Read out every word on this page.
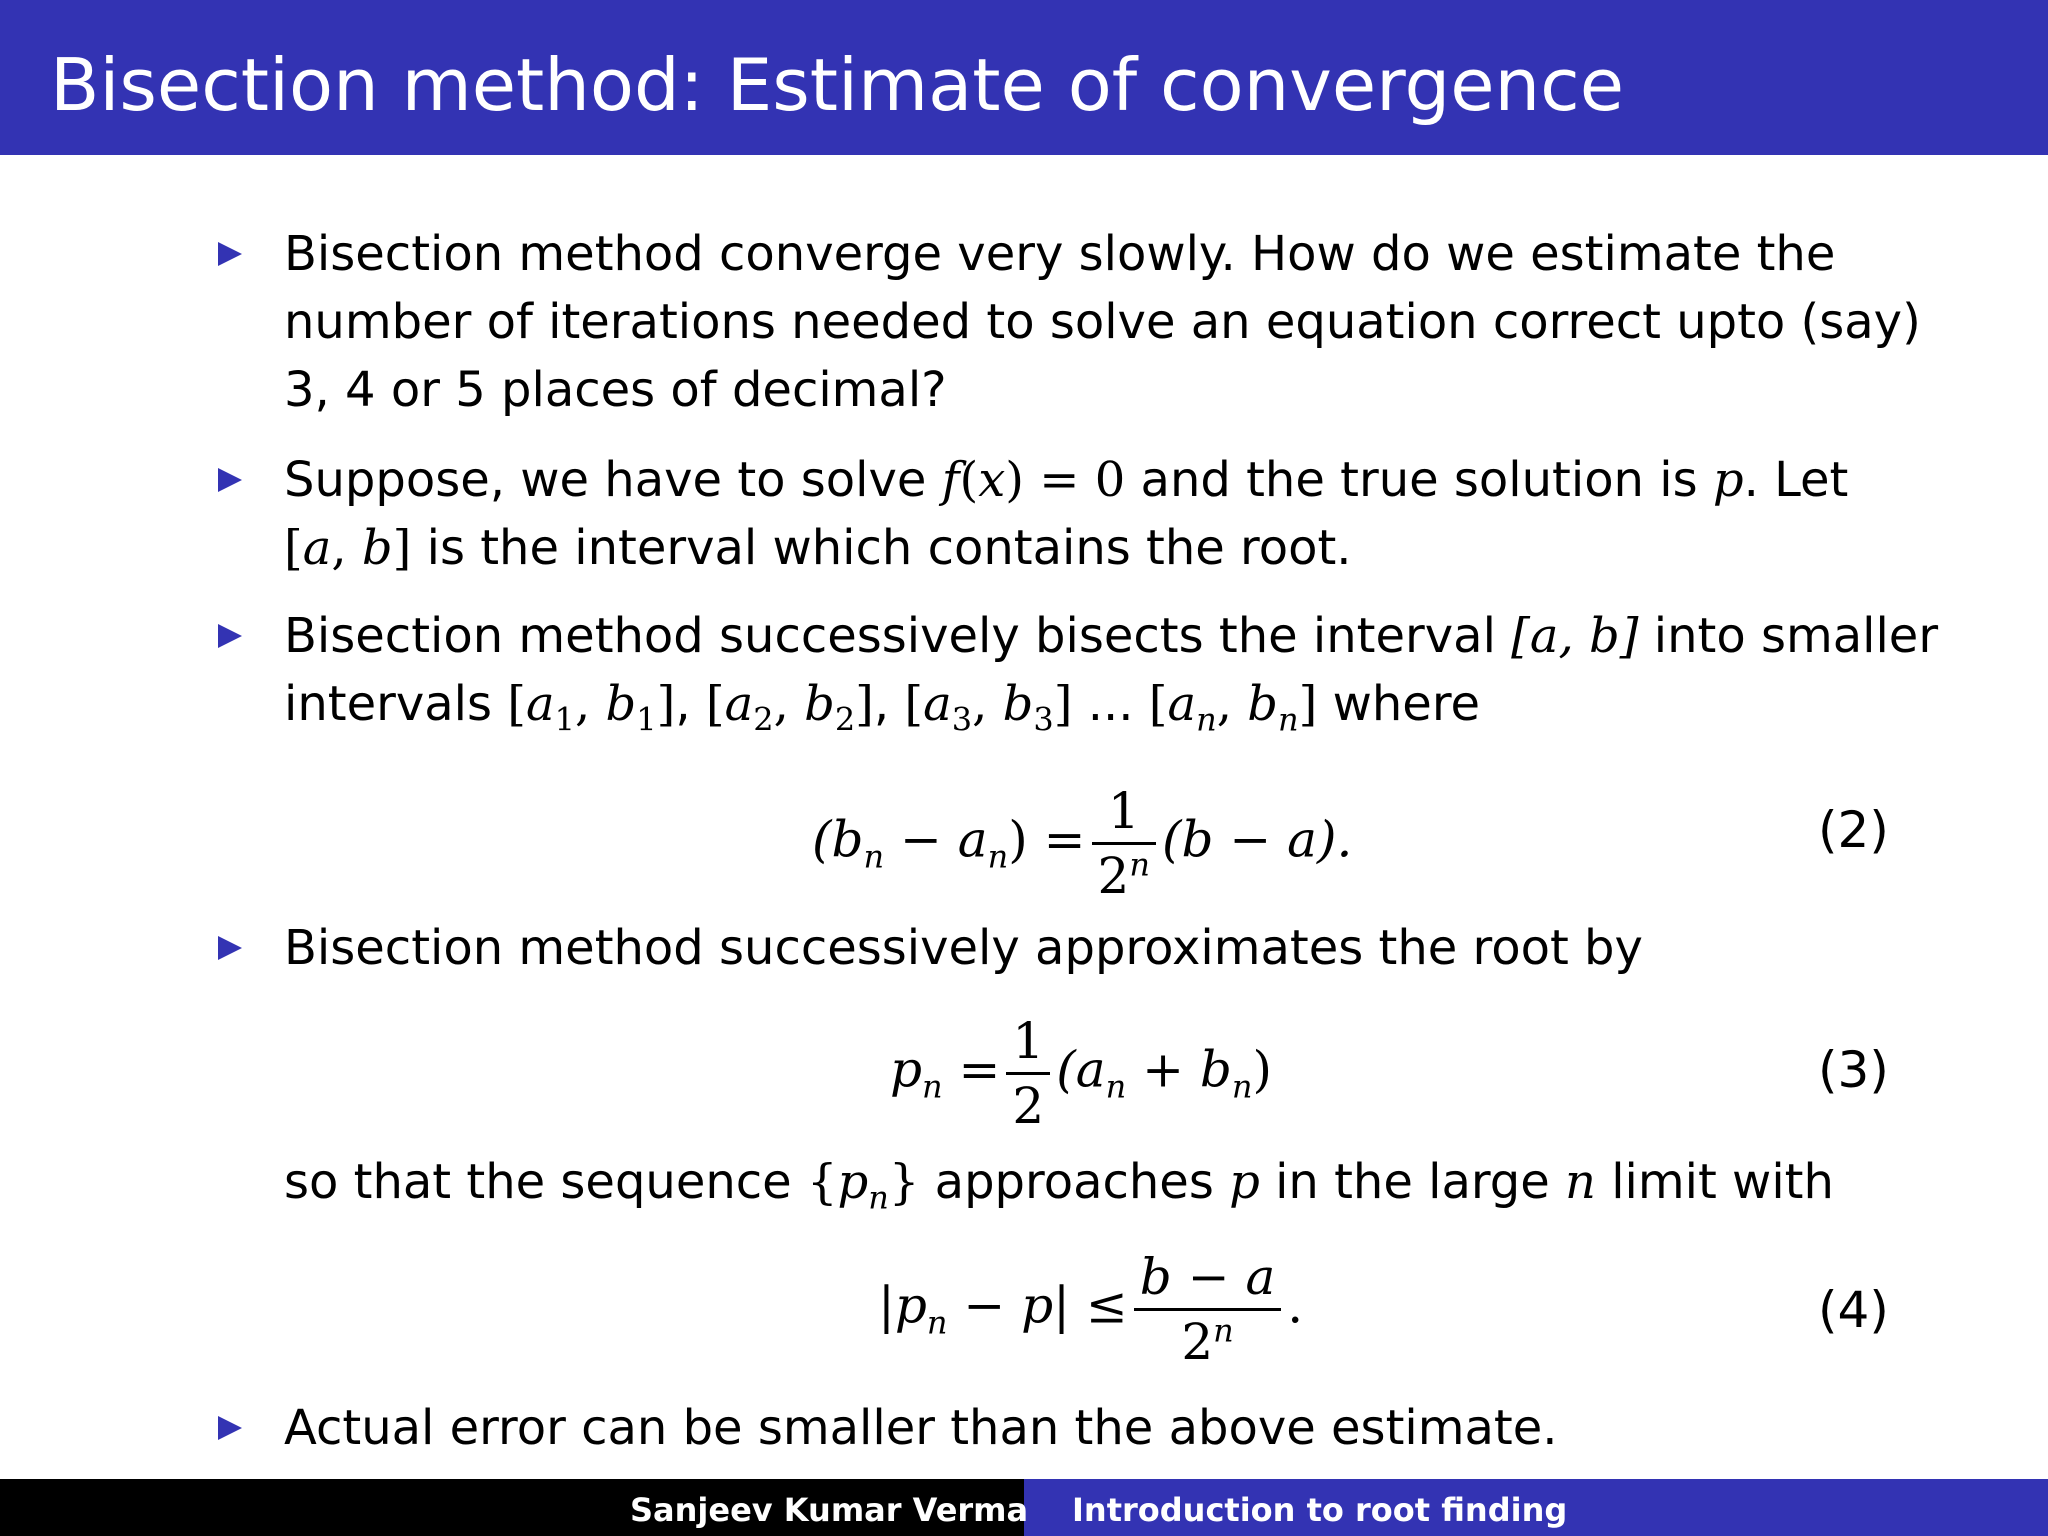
Bisection method: Estimate of convergence
Bisection method converge very slowly. How do we estimate the
number of iterations needed to solve an equation correct upto (say)
3, 4 or 5 places of decimal?
Suppose, we have to solve f(x) = 0 and the true solution is p. Let
[a, b] is the interval which contains the root.
Bisection method successively bisects the interval [a, b] into smaller
intervals [$a_1$, $b_1$], [$a_2$, $b_2$], [$a_3$, $b_3$] ... [$a_n$, $b_n$] where
$(b_n - a_n) = \frac{1}{2^n} (b - a)$.	(2)
Bisection method successively approximates the root by
$p_n = \frac{1}{2} (a_n + b_n)$	(3)
so that the sequence $\{p_n\}$ approaches p in the large n limit with
$|p_n - p| \le \frac{b - a}{2^n}$ .	(4)
Actual error can be smaller than the above estimate.
Sanjeev Kumar Verma Introduction to root finding
